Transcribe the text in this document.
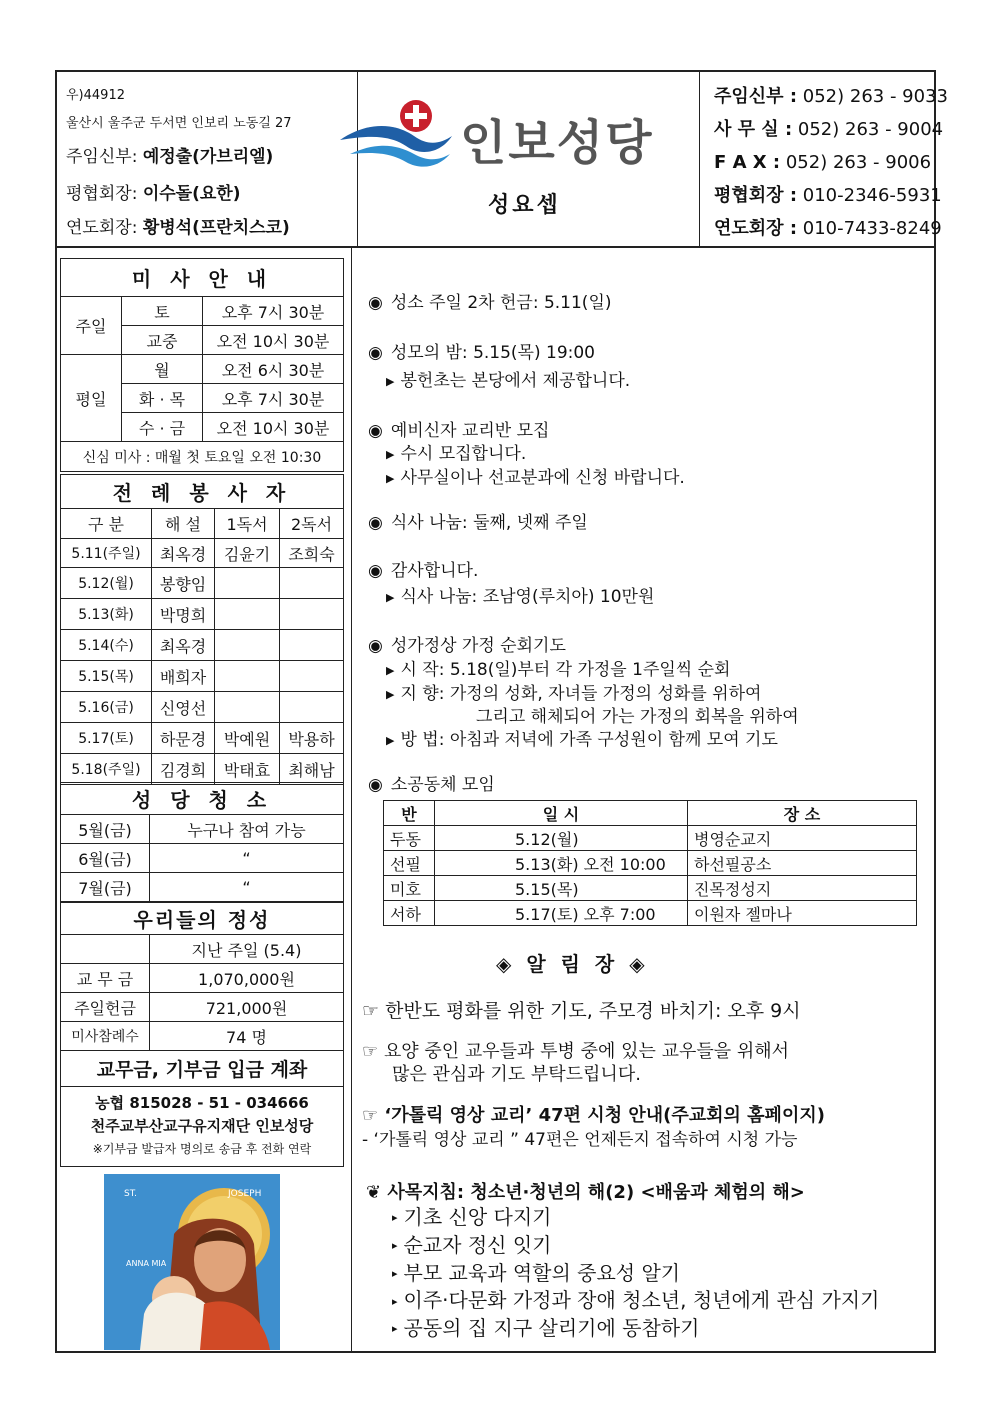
우)44912
울산시 울주군 두서면 인보리 노동길 27
주임신부: 예정출(가브리엘)
평협회장: 이수돌(요한)
연도회장: 황병석(프란치스코)
인보성당
성요셉
주임신부 : 052) 263 - 9033
사 무 실 : 052) 263 - 9004
F A X : 052) 263 - 9006
평협회장 : 010-2346-5931
연도회장 : 010-7433-8249
미 사 안 내		
주일	토	오후 7시 30분
	교중	오전 10시 30분
평일	월	오전 6시 30분
	화 · 목	오후 7시 30분
	수 · 금	오전 10시 30분
신심 미사 : 매월 첫 토요일 오전 10:30		
전 례 봉 사 자			
구 분	해 설	1독서	2독서
5.11(주일)	최옥경	김윤기	조희숙
5.12(월)	봉향임		
5.13(화)	박명희		
5.14(수)	최옥경		
5.15(목)	배희자		
5.16(금)	신영선		
5.17(토)	하문경	박예원	박용하
5.18(주일)	김경희	박태효	최해남
성 당 청 소	
5월(금)	누구나 참여 가능
6월(금)	“
7월(금)	“
우리들의 정성	
	지난 주일 (5.4)
교 무 금	1,070,000원
주일헌금	721,000원
미사참례수	74 명
교무금, 기부금 입금 계좌

농협 815028 - 51 - 034666
천주교부산교구유지재단 인보성당
※기부금 발급자 명의로 송금 후 전화 연락
ST.	JOSEPH
ANNA MIA
◉ 성소 주일 2차 헌금: 5.11(일)
◉ 성모의 밤: 5.15(목) 19:00
▶ 봉헌초는 본당에서 제공합니다.
◉ 예비신자 교리반 모집
▶ 수시 모집합니다.
▶ 사무실이나 선교분과에 신청 바랍니다.
◉ 식사 나눔: 둘째, 넷째 주일
◉ 감사합니다.
▶ 식사 나눔: 조남영(루치아) 10만원
◉ 성가정상 가정 순회기도
▶ 시 작: 5.18(일)부터 각 가정을 1주일씩 순회
▶ 지 향: 가정의 성화, 자녀들 가정의 성화를 위하여
그리고 해체되어 가는 가정의 회복을 위하여
▶ 방 법: 아침과 저녁에 가족 구성원이 함께 모여 기도
◉ 소공동체 모임
반	일 시	장 소
두동	5.12(월)	병영순교지
선필	5.13(화) 오전 10:00	하선필공소
미호	5.15(목)	진목정성지
서하	5.17(토) 오후 7:00	이원자 젤마나
◈ 알 림 장 ◈
☞ 한반도 평화를 위한 기도, 주모경 바치기: 오후 9시
☞ 요양 중인 교우들과 투병 중에 있는 교우들을 위해서
많은 관심과 기도 부탁드립니다.
☞ ‘가톨릭 영상 교리’ 47편 시청 안내(주교회의 홈페이지)
- ‘가톨릭 영상 교리 ” 47편은 언제든지 접속하여 시청 가능
❦ 사목지침: 청소년·청년의 해(2) <배움과 체험의 해>
▸ 기초 신앙 다지기
▸ 순교자 정신 잇기
▸ 부모 교육과 역할의 중요성 알기
▸ 이주·다문화 가정과 장애 청소년, 청년에게 관심 가지기
▸ 공동의 집 지구 살리기에 동참하기
